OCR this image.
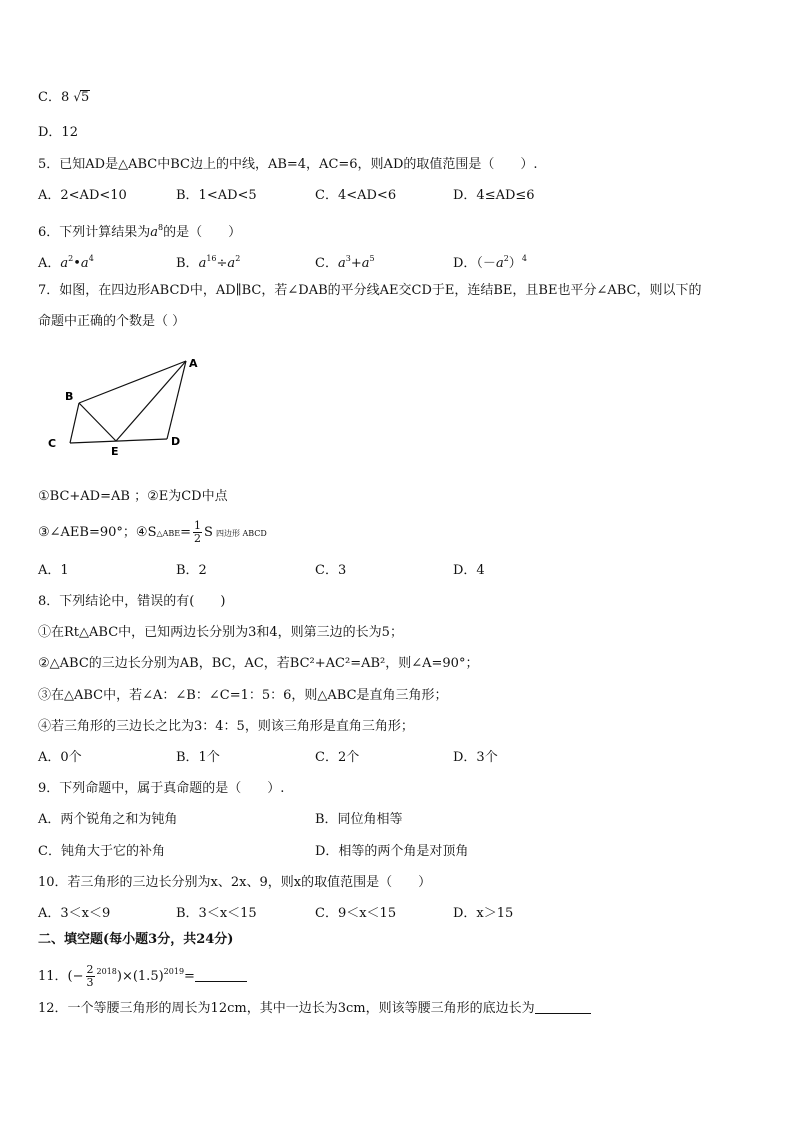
C．8 √5
D．12
5．已知AD是△ABC中BC边上的中线，AB=4，AC=6，则AD的取值范围是（　　）.
A．2<AD<10	B．1<AD<5	C．4<AD<6	D．4≤AD≤6
6．下列计算结果为$a^8$的是（　　）
A．$a^2•a^4$	B．$a^{16}\div a^2$	C．$a^3+a^5$	D．$(-a^2)^4$
7．如图，在四边形ABCD中，AD∥BC，若∠DAB的平分线AE交CD于E，连结BE，且BE也平分∠ABC，则以下的
命题中正确的个数是（ ）
A
B
C	D
E
①BC+AD=AB ；②E为CD中点
③∠AEB=90°；④S△ABE= $\frac{1}{2}$ S 四边形 ABCD
A．1	B．2	C．3	D．4
8．下列结论中，错误的有(　　)
①在Rt△ABC中，已知两边长分别为3和4，则第三边的长为5；
②△ABC的三边长分别为AB，BC，AC，若BC²+AC²=AB²，则∠A=90°；
③在△ABC中，若∠A：∠B：∠C=1：5：6，则△ABC是直角三角形；
④若三角形的三边长之比为3：4：5，则该三角形是直角三角形；
A．0个	B．1个	C．2个	D．3个
9．下列命题中，属于真命题的是（　　）.
A．两个锐角之和为钝角	B．同位角相等
C．钝角大于它的补角	D．相等的两个角是对顶角
10．若三角形的三边长分别为x、2x、9，则x的取值范围是（　　）
A．3＜x＜9	B．3＜x＜15	C．9＜x＜15	D．x＞15
二、填空题(每小题3分，共24分)
11．(− $\frac{2}{3} ^{2018})\times(1.5)^{2019}=$
12．一个等腰三角形的周长为12cm，其中一边长为3cm，则该等腰三角形的底边长为
